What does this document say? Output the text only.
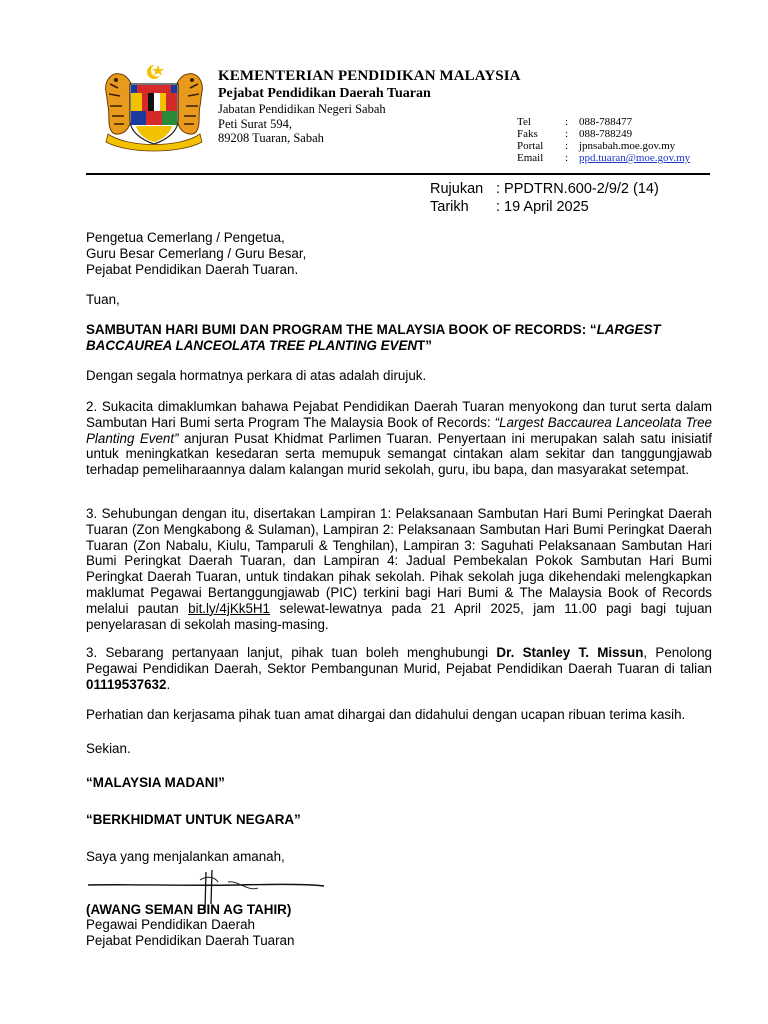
KEMENTERIAN PENDIDIKAN MALAYSIA
Pejabat Pendidikan Daerah Tuaran
Jabatan Pendidikan Negeri Sabah
Peti Surat 594,
89208 Tuaran, Sabah
Tel	: 088-788477
Faks : 088-788249
Portal : jpnsabah.moe.gov.my
Email : ppd.tuaran@moe.gov.my
Rujukan : PPDTRN.600-2/9/2 (14)
Tarikh : 19 April 2025
Pengetua Cemerlang / Pengetua,
Guru Besar Cemerlang / Guru Besar,
Pejabat Pendidikan Daerah Tuaran.
Tuan,
SAMBUTAN HARI BUMI DAN PROGRAM THE MALAYSIA BOOK OF RECORDS: “LARGEST BACCAUREA LANCEOLATA TREE PLANTING EVENT”
Dengan segala hormatnya perkara di atas adalah dirujuk.
2. Sukacita dimaklumkan bahawa Pejabat Pendidikan Daerah Tuaran menyokong dan turut serta dalam Sambutan Hari Bumi serta Program The Malaysia Book of Records: “Largest Baccaurea Lanceolata Tree Planting Event” anjuran Pusat Khidmat Parlimen Tuaran. Penyertaan ini merupakan salah satu inisiatif untuk meningkatkan kesedaran serta memupuk semangat cintakan alam sekitar dan tanggungjawab terhadap pemeliharaannya dalam kalangan murid sekolah, guru, ibu bapa, dan masyarakat setempat.
3. Sehubungan dengan itu, disertakan Lampiran 1: Pelaksanaan Sambutan Hari Bumi Peringkat Daerah Tuaran (Zon Mengkabong & Sulaman), Lampiran 2: Pelaksanaan Sambutan Hari Bumi Peringkat Daerah Tuaran (Zon Nabalu, Kiulu, Tamparuli & Tenghilan), Lampiran 3: Saguhati Pelaksanaan Sambutan Hari Bumi Peringkat Daerah Tuaran, dan Lampiran 4: Jadual Pembekalan Pokok Sambutan Hari Bumi Peringkat Daerah Tuaran, untuk tindakan pihak sekolah. Pihak sekolah juga dikehendaki melengkapkan maklumat Pegawai Bertanggungjawab (PIC) terkini bagi Hari Bumi & The Malaysia Book of Records melalui pautan bit.ly/4jKk5H1 selewat-lewatnya pada 21 April 2025, jam 11.00 pagi bagi tujuan penyelarasan di sekolah masing-masing.
3. Sebarang pertanyaan lanjut, pihak tuan boleh menghubungi Dr. Stanley T. Missun, Penolong Pegawai Pendidikan Daerah, Sektor Pembangunan Murid, Pejabat Pendidikan Daerah Tuaran di talian 01119537632.
Perhatian dan kerjasama pihak tuan amat dihargai dan didahului dengan ucapan ribuan terima kasih.
Sekian.
“MALAYSIA MADANI”
“BERKHIDMAT UNTUK NEGARA”
Saya yang menjalankan amanah,
(AWANG SEMAN BIN AG TAHIR)
Pegawai Pendidikan Daerah
Pejabat Pendidikan Daerah Tuaran
